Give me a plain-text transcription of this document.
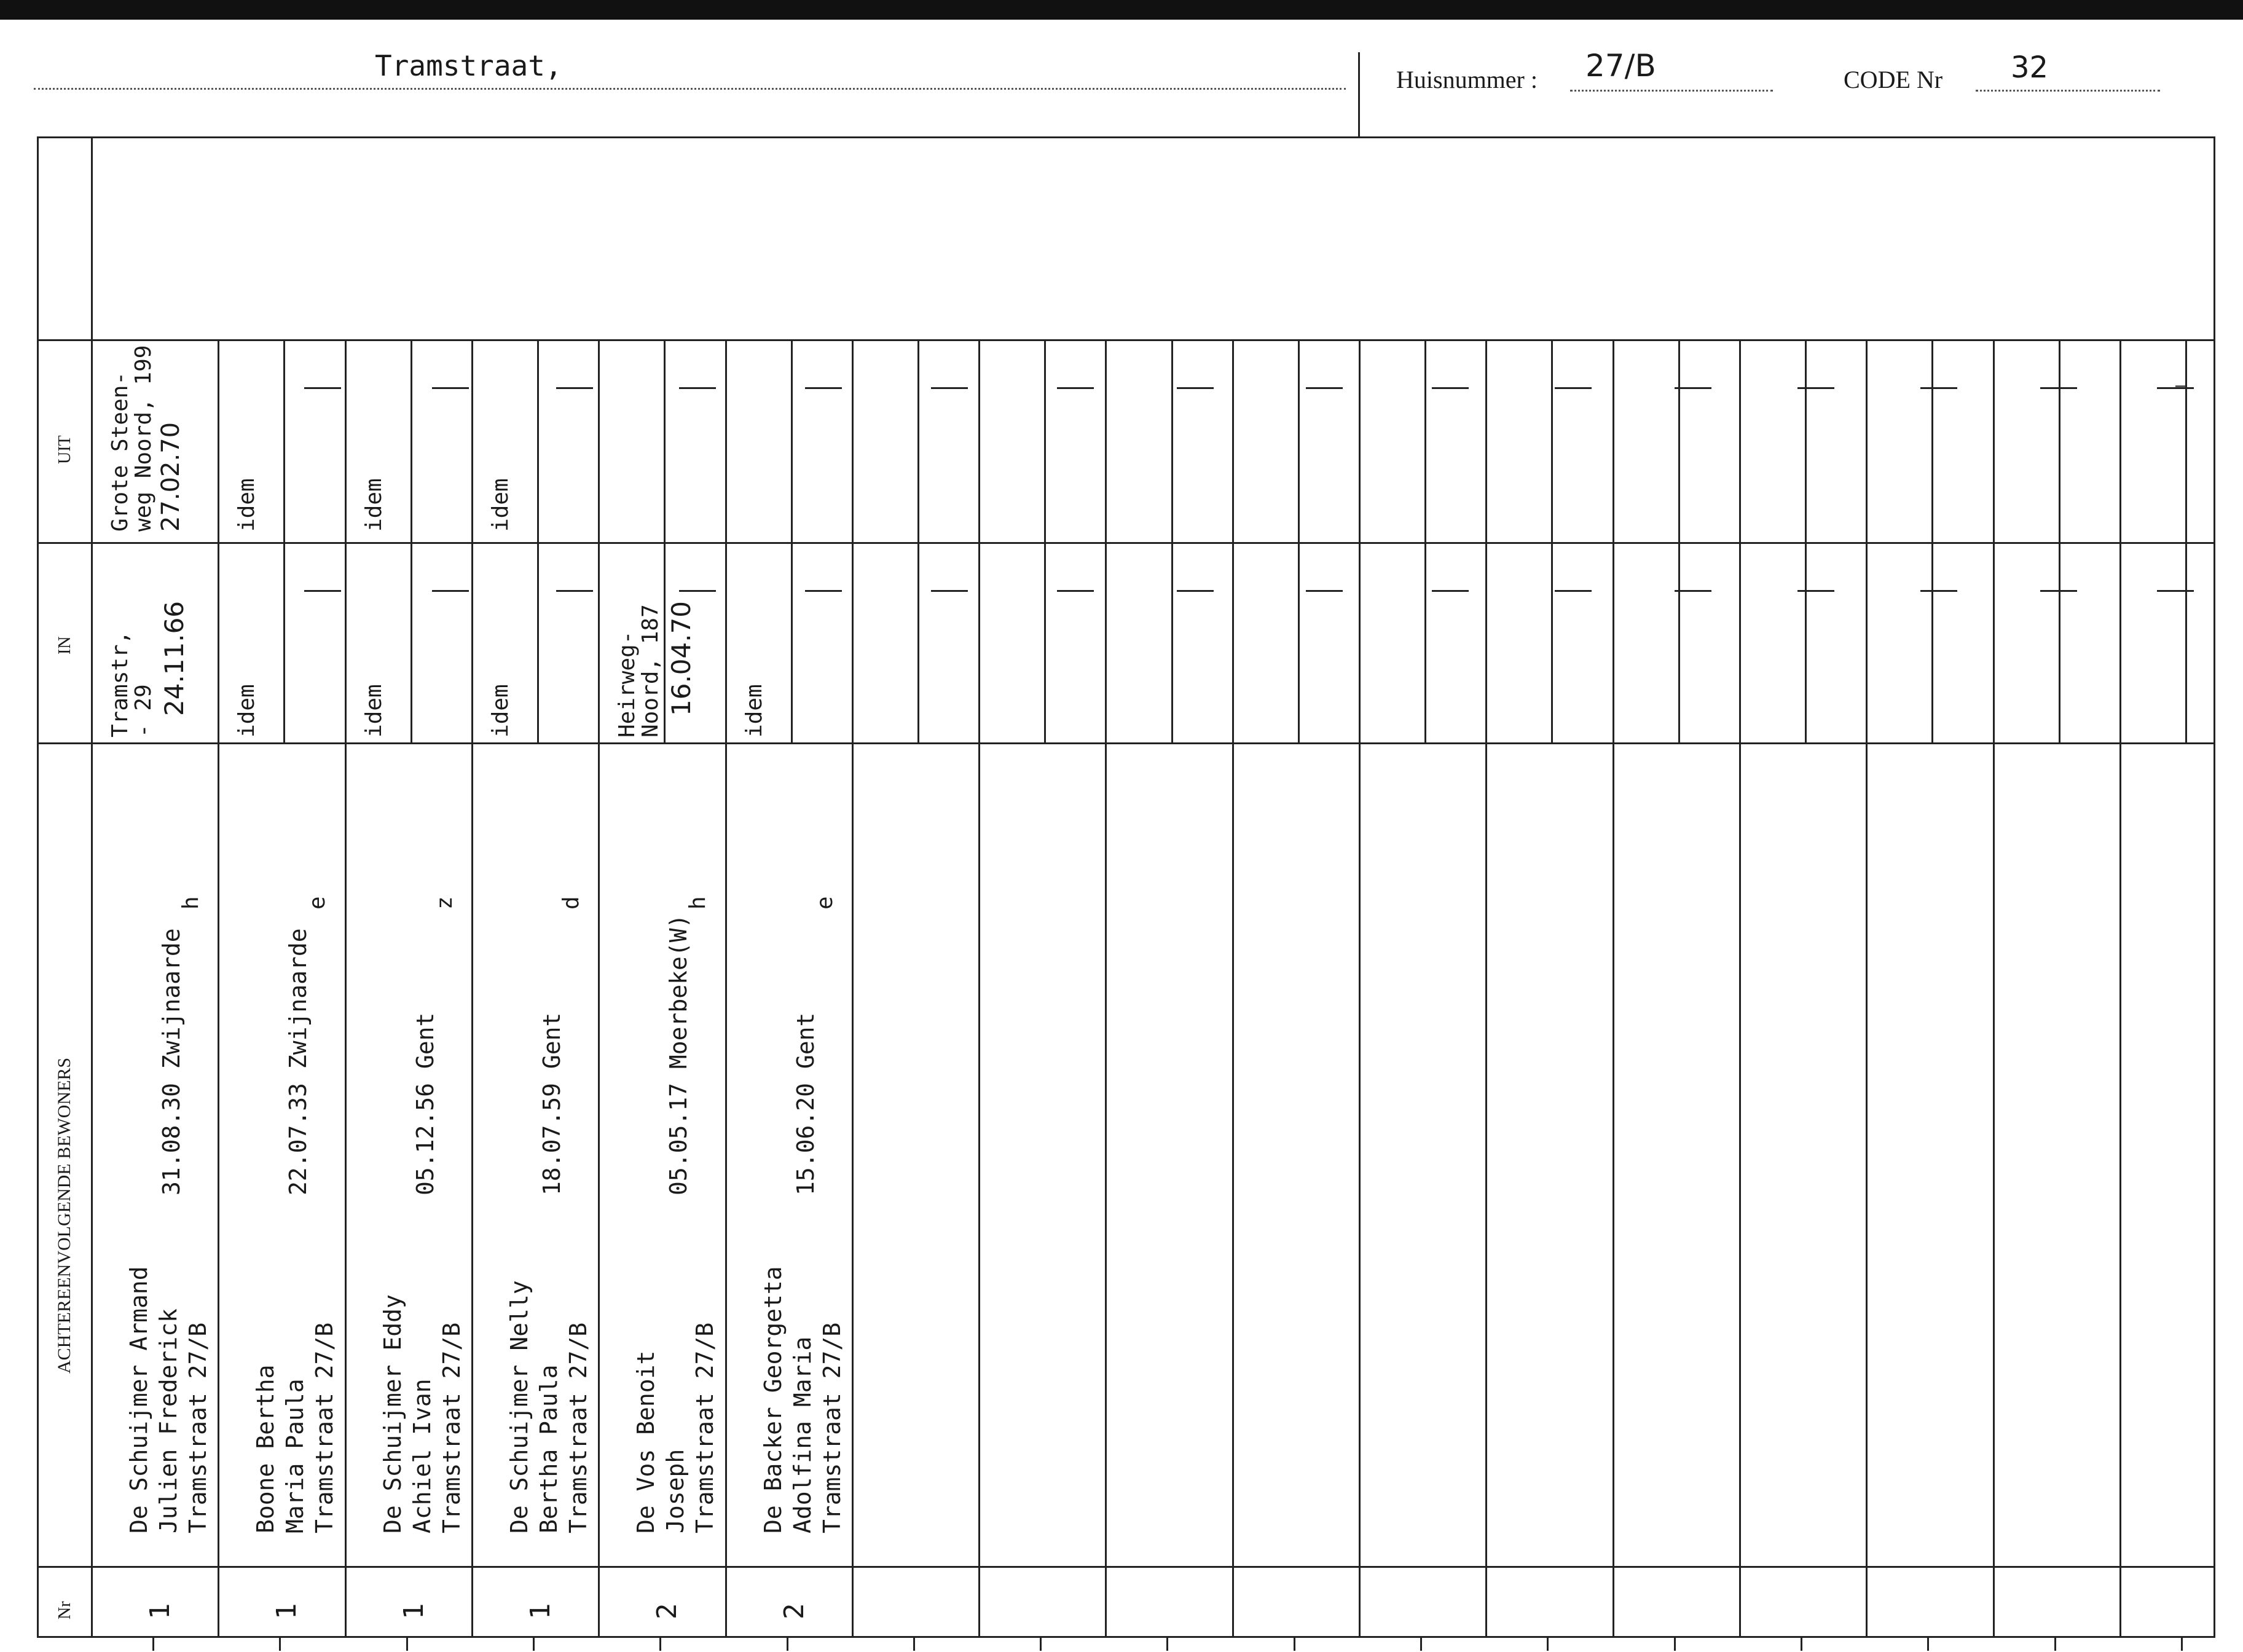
Tramstraat,	Huisnummer : 27/B	CODE Nr 32
Nr
ACHTEREENVOLGENDE BEWONERS
IN
UIT
1
De Schuijmer Armand Julien Frederick Tramstraat 27/B
31.08.30 Zwijnaarde
h
Tramstr,
- 29 24.11.66
Grote Steen-
weg Noord, 199 27.02.70
1
Boone Bertha Maria Paula Tramstraat 27/B
22.07.33 Zwijnaarde
e
idem
idem
1
De Schuijmer Eddy Achiel Ivan Tramstraat 27/B
05.12.56 Gent
z
idem
idem
1
De Schuijmer Nelly Bertha Paula Tramstraat 27/B
18.07.59 Gent
d
idem
idem
2
De Vos Benoit Joseph Tramstraat 27/B
05.05.17 Moerbeke(W)
h
Heirweg-
Noord, 187 16.04.70
2
De Backer Georgetta Adolfina Maria Tramstraat 27/B
15.06.20 Gent
e
idem
—
